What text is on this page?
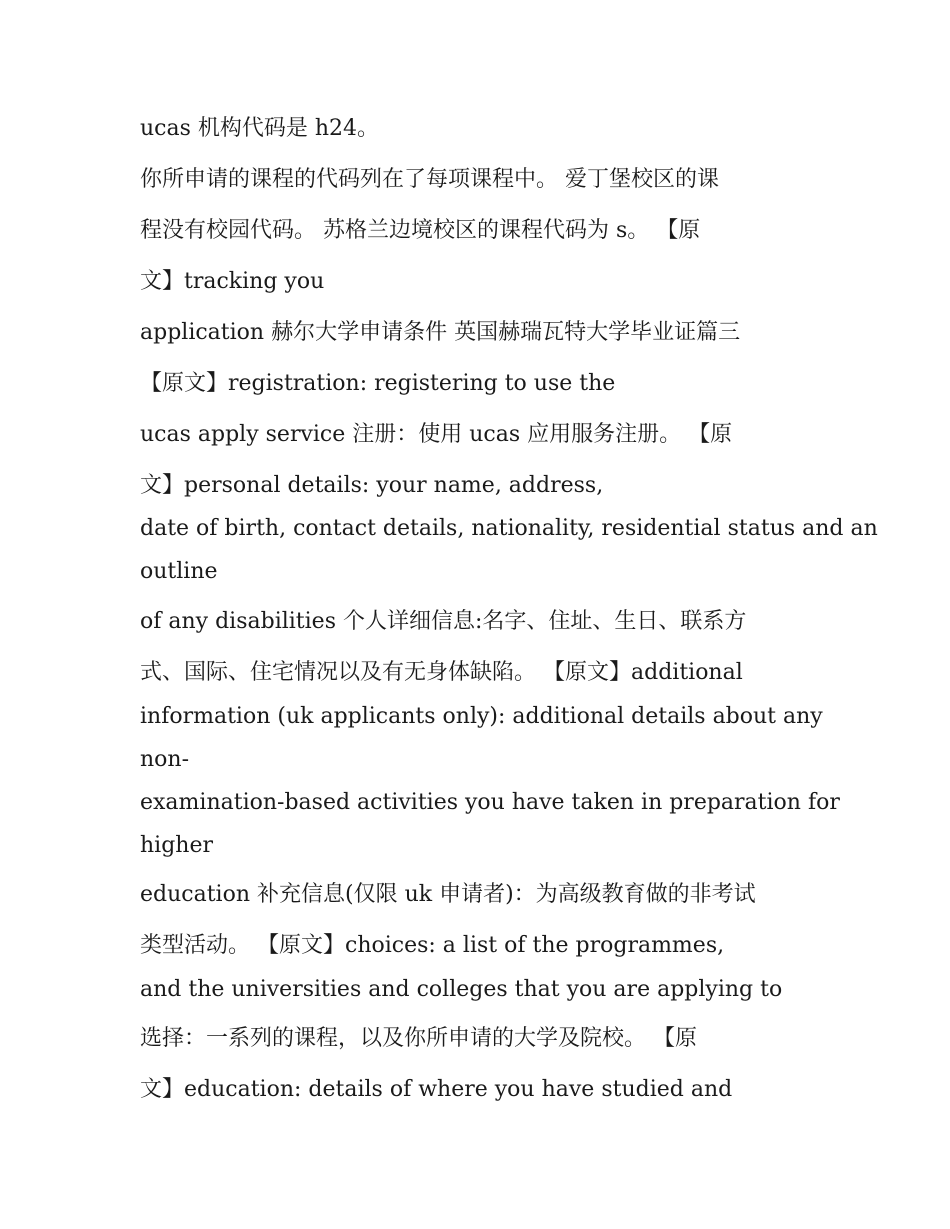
ucas 机构代码是 h24。
你所申请的课程的代码列在了每项课程中。 爱丁堡校区的课
程没有校园代码。 苏格兰边境校区的课程代码为 s。 【原
文】tracking you
application 赫尔大学申请条件 英国赫瑞瓦特大学毕业证篇三
【原文】registration: registering to use the
ucas apply service 注册：使用 ucas 应用服务注册。 【原
文】personal details: your name, address,
date of birth, contact details, nationality, residential status and an
outline
of any disabilities 个人详细信息:名字、住址、生日、联系方
式、国际、住宅情况以及有无身体缺陷。 【原文】additional
information (uk applicants only): additional details about any
non-
examination-based activities you have taken in preparation for
higher
education 补充信息(仅限 uk 申请者)：为高级教育做的非考试
类型活动。 【原文】choices: a list of the programmes,
and the universities and colleges that you are applying to
选择：一系列的课程，以及你所申请的大学及院校。 【原
文】education: details of where you have studied and
